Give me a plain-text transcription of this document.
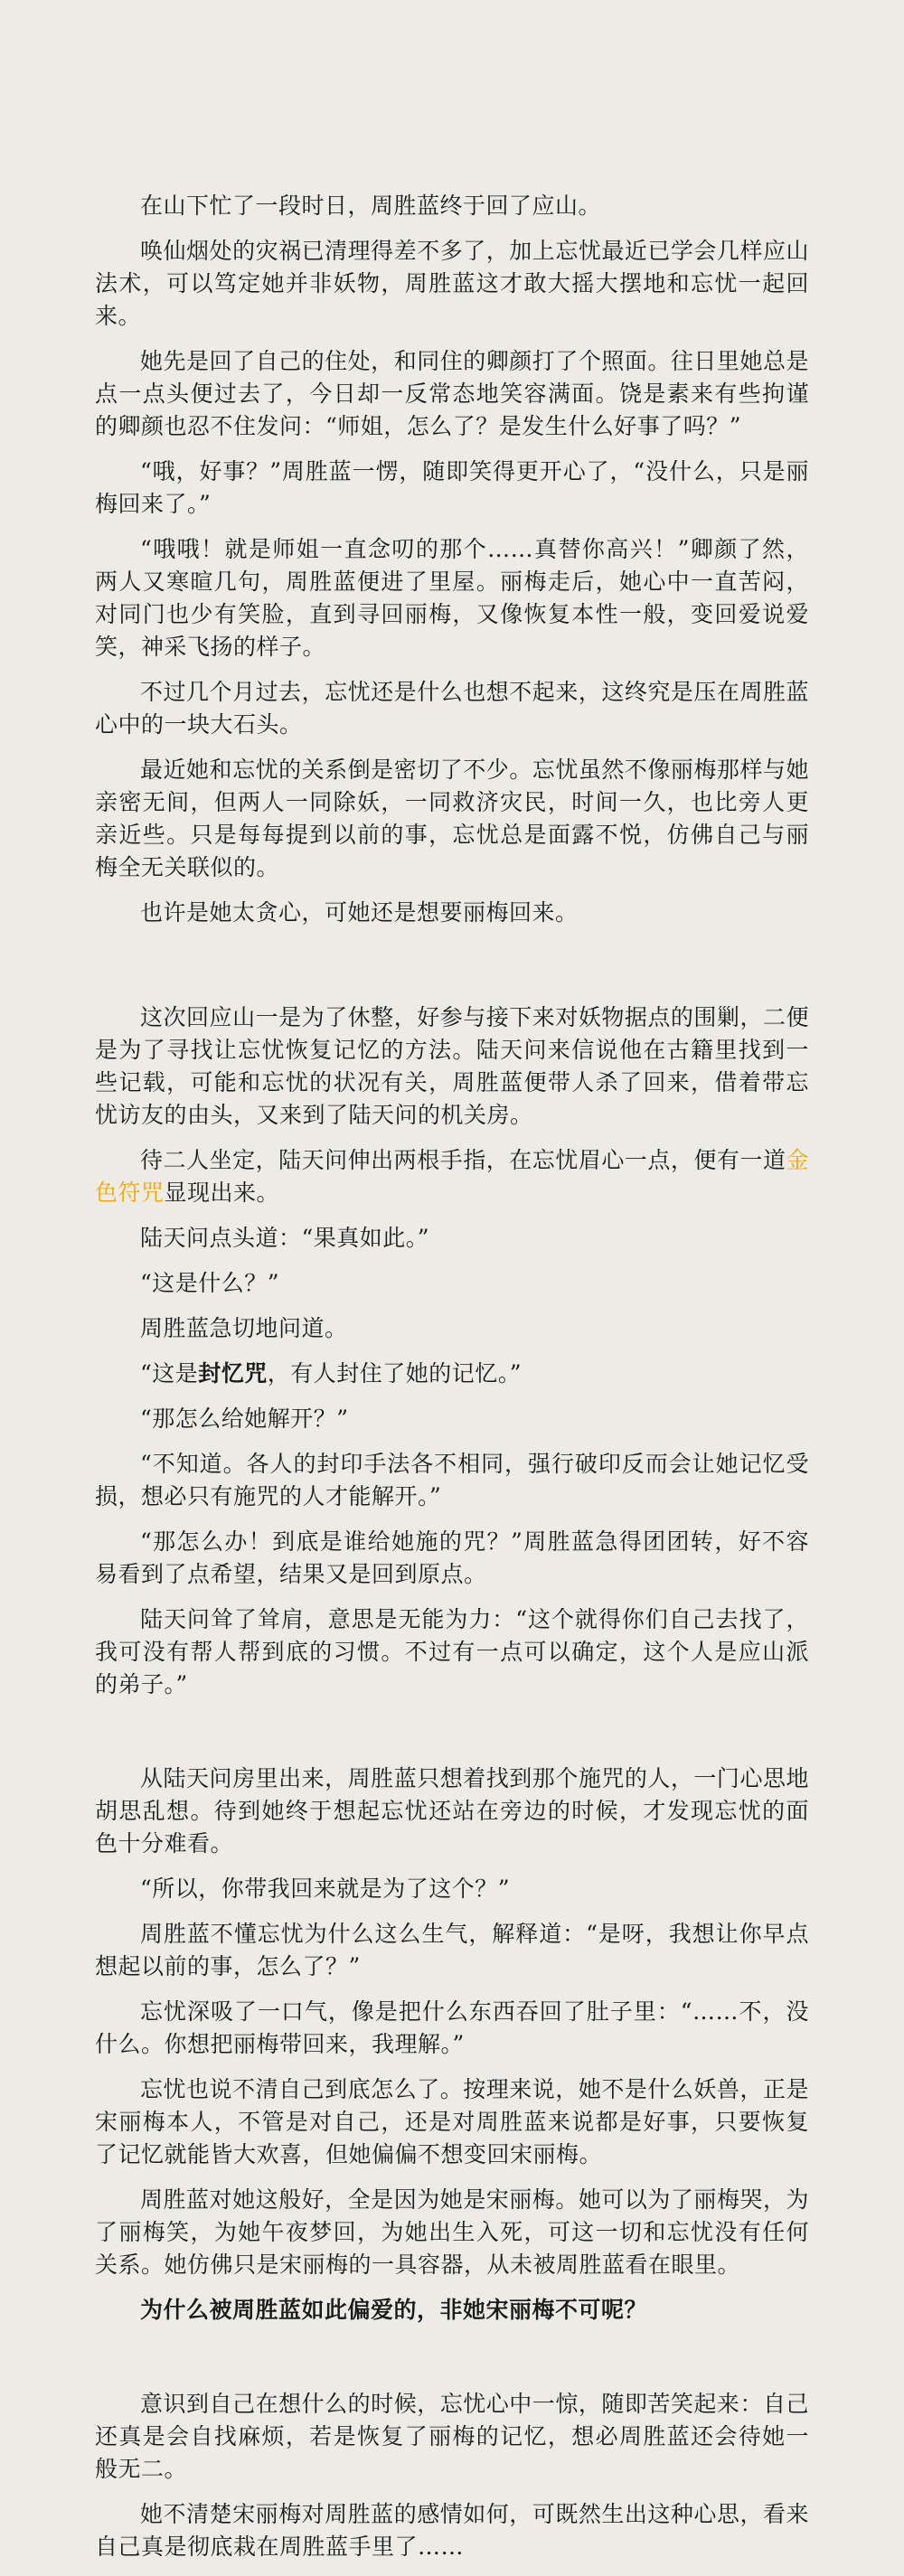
在山下忙了一段时日，周胜蓝终于回了应山。

唤仙烟处的灾祸已清理得差不多了，加上忘忧最近已学会几样应山法术，可以笃定她并非妖物，周胜蓝这才敢大摇大摆地和忘忧一起回来。

她先是回了自己的住处，和同住的卿颜打了个照面。往日里她总是点一点头便过去了，今日却一反常态地笑容满面。饶是素来有些拘谨的卿颜也忍不住发问：“师姐，怎么了？是发生什么好事了吗？”

“哦，好事？”周胜蓝一愣，随即笑得更开心了，“没什么，只是丽梅回来了。”

“哦哦！就是师姐一直念叨的那个……真替你高兴！”卿颜了然，两人又寒暄几句，周胜蓝便进了里屋。丽梅走后，她心中一直苦闷，对同门也少有笑脸，直到寻回丽梅，又像恢复本性一般，变回爱说爱笑，神采飞扬的样子。

不过几个月过去，忘忧还是什么也想不起来，这终究是压在周胜蓝心中的一块大石头。

最近她和忘忧的关系倒是密切了不少。忘忧虽然不像丽梅那样与她亲密无间，但两人一同除妖，一同救济灾民，时间一久，也比旁人更亲近些。只是每每提到以前的事，忘忧总是面露不悦，仿佛自己与丽梅全无关联似的。

也许是她太贪心，可她还是想要丽梅回来。

这次回应山一是为了休整，好参与接下来对妖物据点的围剿，二便是为了寻找让忘忧恢复记忆的方法。陆天问来信说他在古籍里找到一些记载，可能和忘忧的状况有关，周胜蓝便带人杀了回来，借着带忘忧访友的由头，又来到了陆天问的机关房。

待二人坐定，陆天问伸出两根手指，在忘忧眉心一点，便有一道金色符咒显现出来。

陆天问点头道：“果真如此。”

“这是什么？”

周胜蓝急切地问道。

“这是封忆咒，有人封住了她的记忆。”

“那怎么给她解开？”

“不知道。各人的封印手法各不相同，强行破印反而会让她记忆受损，想必只有施咒的人才能解开。”

“那怎么办！到底是谁给她施的咒？”周胜蓝急得团团转，好不容易看到了点希望，结果又是回到原点。

陆天问耸了耸肩，意思是无能为力：“这个就得你们自己去找了，我可没有帮人帮到底的习惯。不过有一点可以确定，这个人是应山派的弟子。”

从陆天问房里出来，周胜蓝只想着找到那个施咒的人，一门心思地胡思乱想。待到她终于想起忘忧还站在旁边的时候，才发现忘忧的面色十分难看。

“所以，你带我回来就是为了这个？”

周胜蓝不懂忘忧为什么这么生气，解释道：“是呀，我想让你早点想起以前的事，怎么了？”

忘忧深吸了一口气，像是把什么东西吞回了肚子里：“……不，没什么。你想把丽梅带回来，我理解。”

忘忧也说不清自己到底怎么了。按理来说，她不是什么妖兽，正是宋丽梅本人，不管是对自己，还是对周胜蓝来说都是好事，只要恢复了记忆就能皆大欢喜，但她偏偏不想变回宋丽梅。

周胜蓝对她这般好，全是因为她是宋丽梅。她可以为了丽梅哭，为了丽梅笑，为她午夜梦回，为她出生入死，可这一切和忘忧没有任何关系。她仿佛只是宋丽梅的一具容器，从未被周胜蓝看在眼里。

为什么被周胜蓝如此偏爱的，非她宋丽梅不可呢？

意识到自己在想什么的时候，忘忧心中一惊，随即苦笑起来：自己还真是会自找麻烦，若是恢复了丽梅的记忆，想必周胜蓝还会待她一般无二。

她不清楚宋丽梅对周胜蓝的感情如何，可既然生出这种心思，看来自己真是彻底栽在周胜蓝手里了……
